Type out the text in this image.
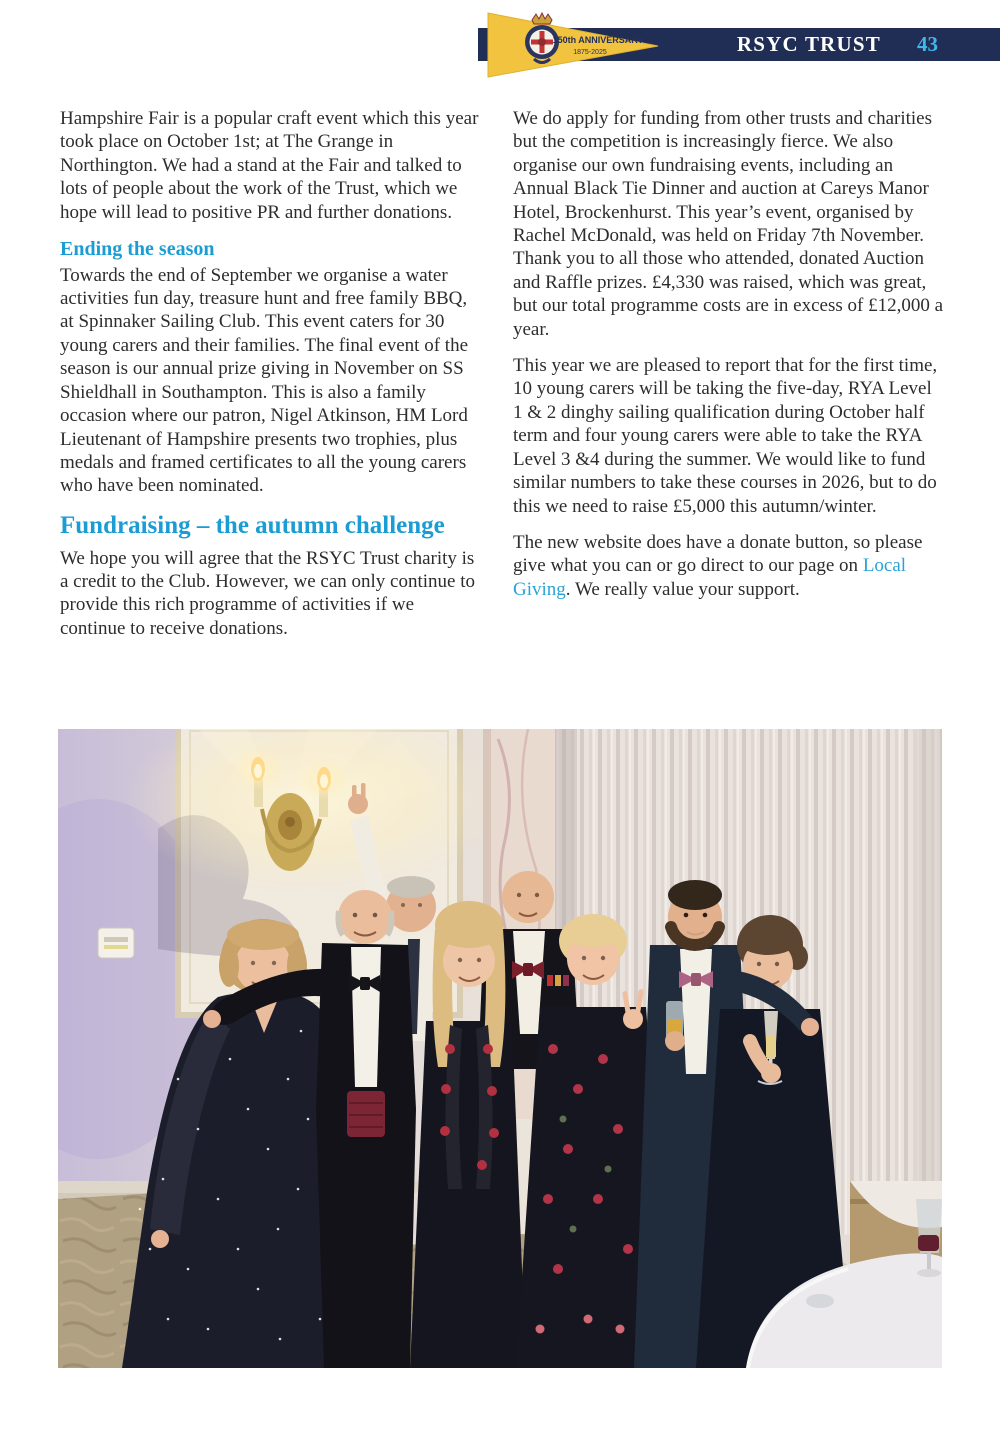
RSYC TRUST 43
150th ANNIVERSARY
1875-2025

Hampshire Fair is a popular craft event which this year took place on October 1st; at The Grange in Northington. We had a stand at the Fair and talked to lots of people about the work of the Trust, which we hope will lead to positive PR and further donations.

Ending the season

Towards the end of September we organise a water activities fun day, treasure hunt and free family BBQ, at Spinnaker Sailing Club. This event caters for 30 young carers and their families. The final event of the season is our annual prize giving in November on SS Shieldhall in Southampton. This is also a family occasion where our patron, Nigel Atkinson, HM Lord Lieutenant of Hampshire presents two trophies, plus medals and framed certificates to all the young carers who have been nominated.

Fundraising – the autumn challenge

We hope you will agree that the RSYC Trust charity is a credit to the Club. However, we can only continue to provide this rich programme of activities if we continue to receive donations.

We do apply for funding from other trusts and charities but the competition is increasingly fierce. We also organise our own fundraising events, including an Annual Black Tie Dinner and auction at Careys Manor Hotel, Brockenhurst. This year’s event, organised by Rachel McDonald, was held on Friday 7th November. Thank you to all those who attended, donated Auction and Raffle prizes. £4,330 was raised, which was great, but our total programme costs are in excess of £12,000 a year.

This year we are pleased to report that for the first time, 10 young carers will be taking the five-day, RYA Level 1 & 2 dinghy sailing qualification during October half term and four young carers were able to take the RYA Level 3 &4 during the summer. We would like to fund similar numbers to take these courses in 2026, but to do this we need to raise £5,000 this autumn/winter.

The new website does have a donate button, so please give what you can or go direct to our page on Local Giving. We really value your support.
